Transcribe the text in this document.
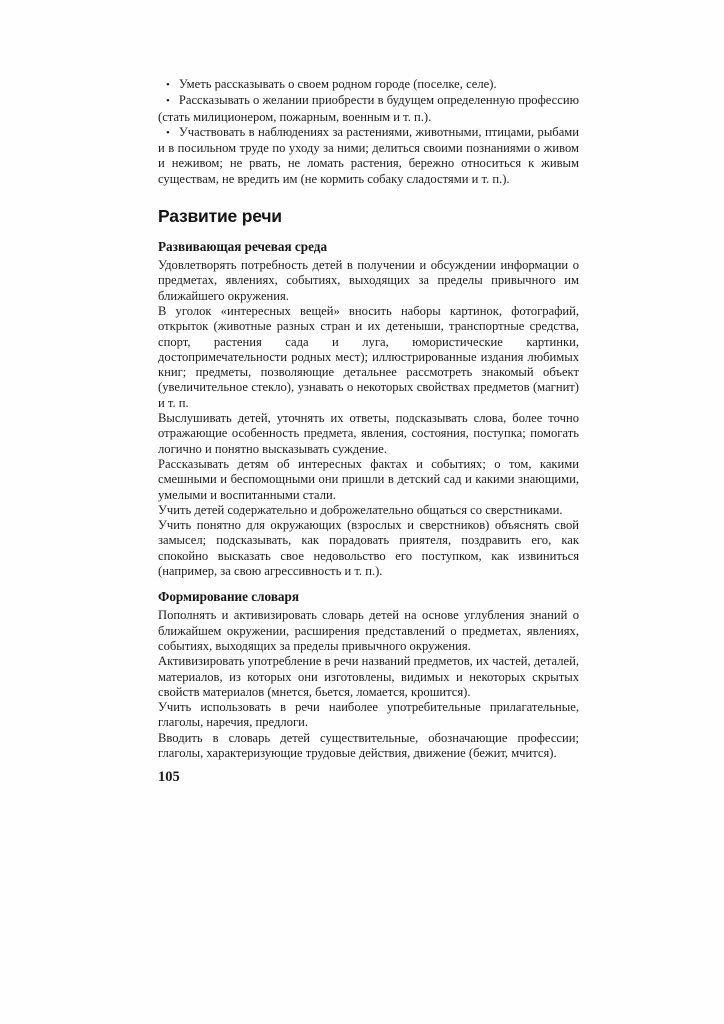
• Уметь рассказывать о своем родном городе (поселке, селе).

• Рассказывать о желании приобрести в будущем определенную профессию (стать милиционером, пожарным, военным и т. п.).

• Участвовать в наблюдениях за растениями, животными, птицами, рыбами и в посильном труде по уходу за ними; делиться своими познаниями о живом и неживом; не рвать, не ломать растения, бережно относиться к живым существам, не вредить им (не кормить собаку сладостями и т. п.).

Развитие речи
Развивающая речевая среда

Удовлетворять потребность детей в получении и обсуждении информации о предметах, явлениях, событиях, выходящих за пределы привычного им ближайшего окружения.

В уголок «интересных вещей» вносить наборы картинок, фотографий, открыток (животные разных стран и их детеныши, транспортные средства, спорт, растения сада и луга, юмористические картинки, достопримечательности родных мест); иллюстрированные издания любимых книг; предметы, позволяющие детальнее рассмотреть знакомый объект (увеличительное стекло), узнавать о некоторых свойствах предметов (магнит) и т. п.

Выслушивать детей, уточнять их ответы, подсказывать слова, более точно отражающие особенность предмета, явления, состояния, поступка; помогать логично и понятно высказывать суждение.

Рассказывать детям об интересных фактах и событиях; о том, какими смешными и беспомощными они пришли в детский сад и какими знающими, умелыми и воспитанными стали.

Учить детей содержательно и доброжелательно общаться со сверстниками.

Учить понятно для окружающих (взрослых и сверстников) объяснять свой замысел; подсказывать, как порадовать приятеля, поздравить его, как спокойно высказать свое недовольство его поступком, как извиниться (например, за свою агрессивность и т. п.).

Формирование словаря

Пополнять и активизировать словарь детей на основе углубления знаний о ближайшем окружении, расширения представлений о предметах, явлениях, событиях, выходящих за пределы привычного окружения.

Активизировать употребление в речи названий предметов, их частей, деталей, материалов, из которых они изготовлены, видимых и некоторых скрытых свойств материалов (мнется, бьется, ломается, крошится).

Учить использовать в речи наиболее употребительные прилагательные, глаголы, наречия, предлоги.

Вводить в словарь детей существительные, обозначающие профессии; глаголы, характеризующие трудовые действия, движение (бежит, мчится).

105
